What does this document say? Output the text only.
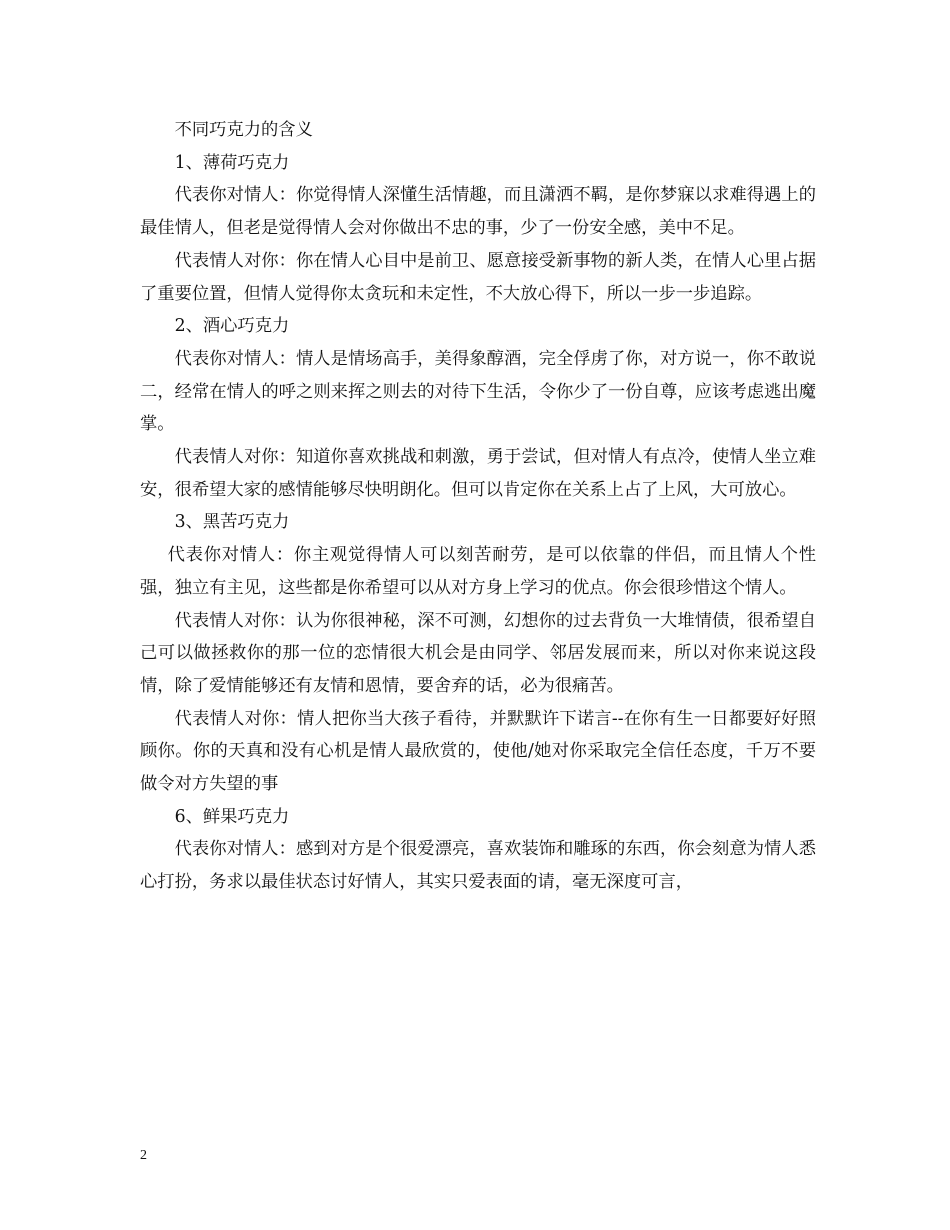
不同巧克力的含义

1、薄荷巧克力

代表你对情人：你觉得情人深懂生活情趣，而且潇洒不羁，是你梦寐以求难得遇上的最佳情人，但老是觉得情人会对你做出不忠的事，少了一份安全感，美中不足。

代表情人对你：你在情人心目中是前卫、愿意接受新事物的新人类，在情人心里占据了重要位置，但情人觉得你太贪玩和未定性，不大放心得下，所以一步一步追踪。

2、酒心巧克力

代表你对情人：情人是情场高手，美得象醇酒，完全俘虏了你，对方说一，你不敢说二，经常在情人的呼之则来挥之则去的对待下生活，令你少了一份自尊，应该考虑逃出魔掌。

代表情人对你：知道你喜欢挑战和刺激，勇于尝试，但对情人有点冷，使情人坐立难安，很希望大家的感情能够尽快明朗化。但可以肯定你在关系上占了上风，大可放心。

3、黑苦巧克力

代表你对情人：你主观觉得情人可以刻苦耐劳，是可以依靠的伴侣，而且情人个性强，独立有主见，这些都是你希望可以从对方身上学习的优点。你会很珍惜这个情人。

代表情人对你：认为你很神秘，深不可测，幻想你的过去背负一大堆情债，很希望自己可以做拯救你的那一位的恋情很大机会是由同学、邻居发展而来，所以对你来说这段情，除了爱情能够还有友情和恩情，要舍弃的话，必为很痛苦。

代表情人对你：情人把你当大孩子看待，并默默许下诺言--在你有生一日都要好好照顾你。你的天真和没有心机是情人最欣赏的，使他/她对你采取完全信任态度，千万不要做令对方失望的事

6、鲜果巧克力

代表你对情人：感到对方是个很爱漂亮，喜欢装饰和雕琢的东西，你会刻意为情人悉心打扮，务求以最佳状态讨好情人，其实只爱表面的请，毫无深度可言，

2
